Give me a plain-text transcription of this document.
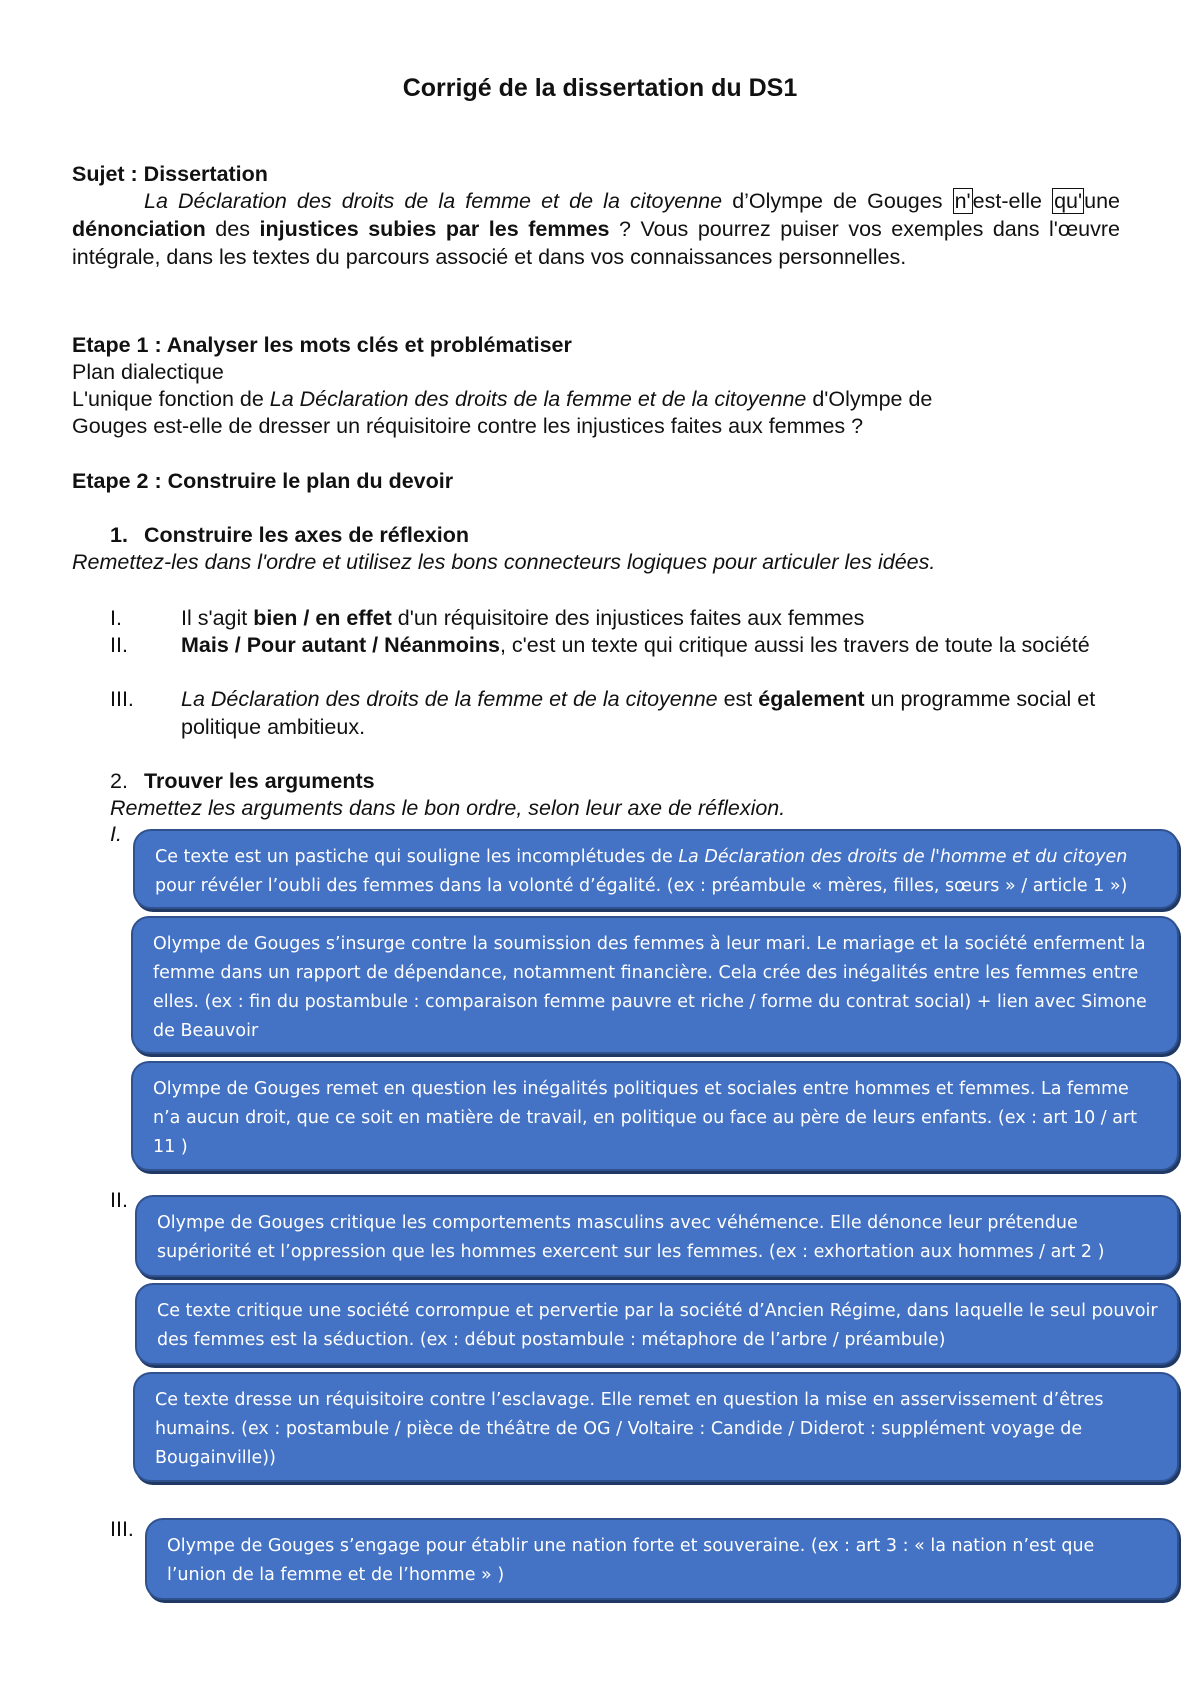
Corrigé de la dissertation du DS1
Sujet : Dissertation
La Déclaration des droits de la femme et de la citoyenne d’Olympe de Gouges n'est-elle qu'une dénonciation des injustices subies par les femmes ? Vous pourrez puiser vos exemples dans l'œuvre intégrale, dans les textes du parcours associé et dans vos connaissances personnelles.
Etape 1 : Analyser les mots clés et problématiser
Plan dialectique
L'unique fonction de La Déclaration des droits de la femme et de la citoyenne d'Olympe de
Gouges est-elle de dresser un réquisitoire contre les injustices faites aux femmes ?
Etape 2 : Construire le plan du devoir
1. Construire les axes de réflexion
Remettez-les dans l'ordre et utilisez les bons connecteurs logiques pour articuler les idées.
I.	Il s'agit bien / en effet d'un réquisitoire des injustices faites aux femmes
II. Mais / Pour autant / Néanmoins, c'est un texte qui critique aussi les travers de toute la société
III. La Déclaration des droits de la femme et de la citoyenne est également un programme social et politique ambitieux.
2. Trouver les arguments
Remettez les arguments dans le bon ordre, selon leur axe de réflexion.
I.
II.
III.
Ce texte est un pastiche qui souligne les incomplétudes de La Déclaration des droits de l'homme et du citoyen pour révéler l’oubli des femmes dans la volonté d’égalité. (ex : préambule « mères, filles, sœurs » / article 1 »)
Olympe de Gouges s’insurge contre la soumission des femmes à leur mari. Le mariage et la société enferment la femme dans un rapport de dépendance, notamment financière. Cela crée des inégalités entre les femmes entre elles. (ex : fin du postambule : comparaison femme pauvre et riche / forme du contrat social) + lien avec Simone de Beauvoir
Olympe de Gouges remet en question les inégalités politiques et sociales entre hommes et femmes. La femme n’a aucun droit, que ce soit en matière de travail, en politique ou face au père de leurs enfants. (ex : art 10 / art 11 )
Olympe de Gouges critique les comportements masculins avec véhémence. Elle dénonce leur prétendue supériorité et l’oppression que les hommes exercent sur les femmes. (ex : exhortation aux hommes / art 2 )
Ce texte critique une société corrompue et pervertie par la société d’Ancien Régime, dans laquelle le seul pouvoir des femmes est la séduction. (ex : début postambule : métaphore de l’arbre / préambule)
Ce texte dresse un réquisitoire contre l’esclavage. Elle remet en question la mise en asservissement d’êtres humains. (ex : postambule / pièce de théâtre de OG / Voltaire : Candide / Diderot : supplément voyage de Bougainville))
Olympe de Gouges s’engage pour établir une nation forte et souveraine. (ex : art 3 : « la nation n’est que l’union de la femme et de l’homme » )
